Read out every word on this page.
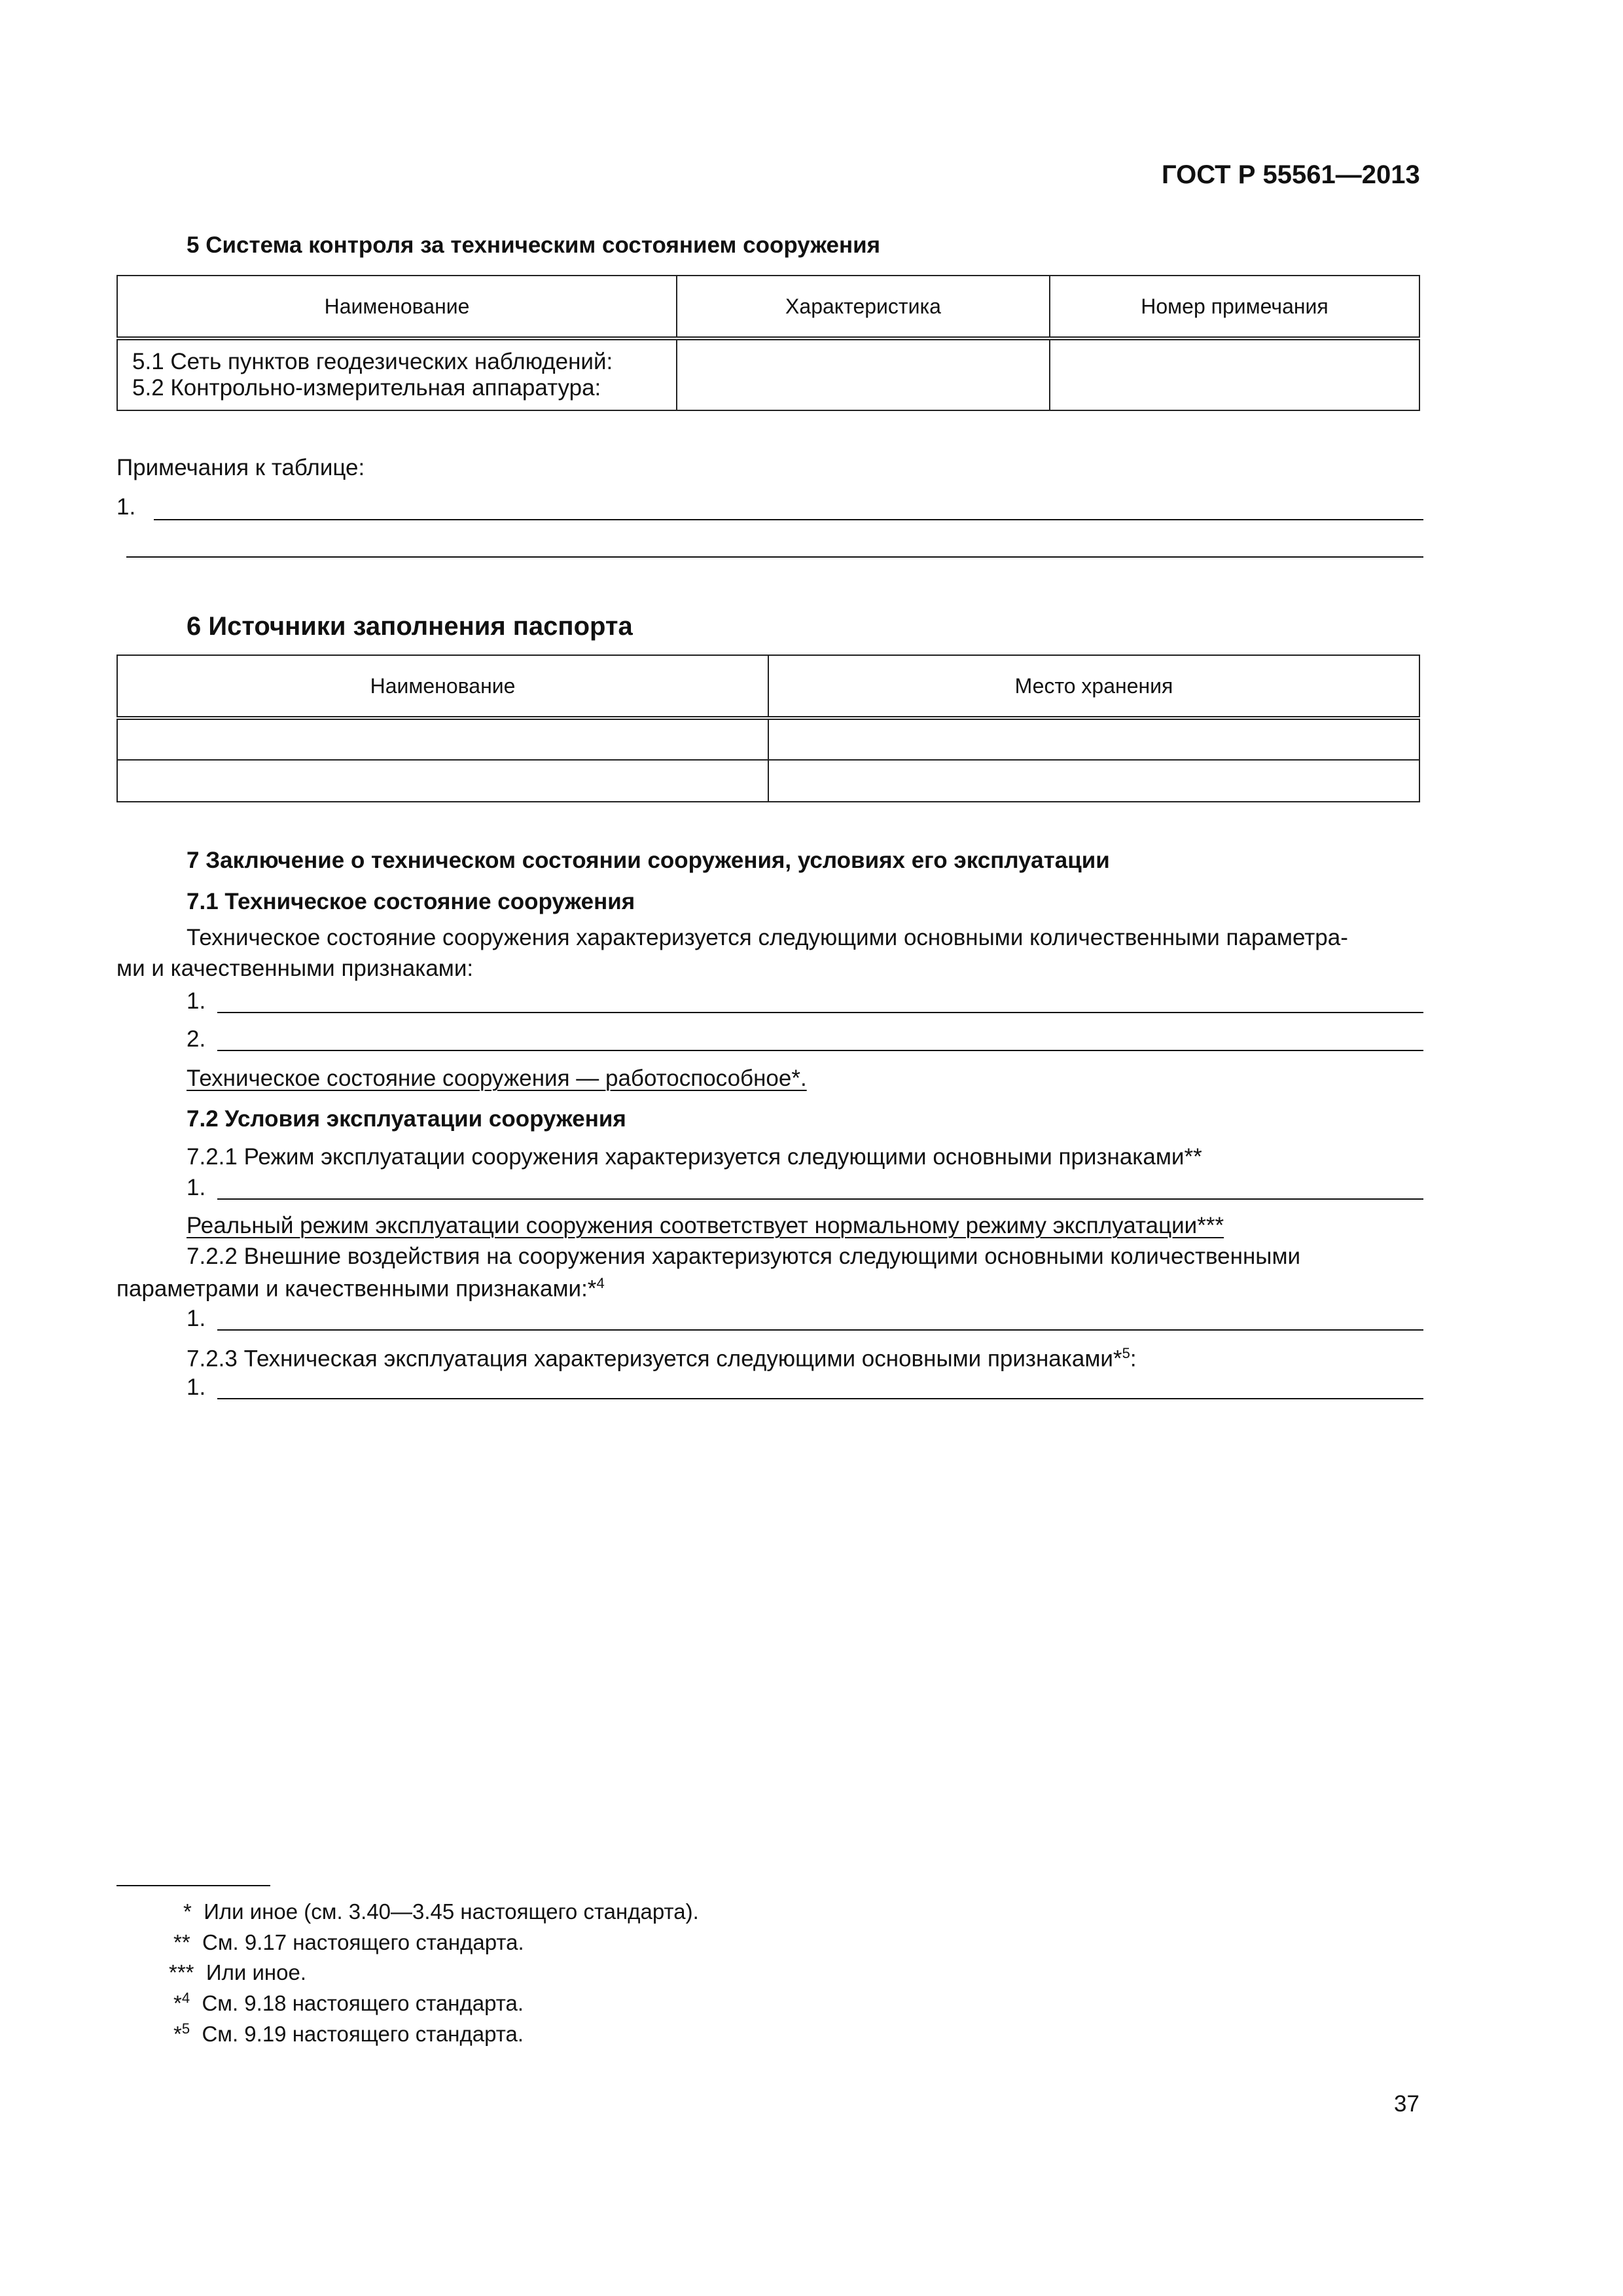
ГОСТ Р 55561—2013
5 Система контроля за техническим состоянием сооружения
Наименование	Характеристика	Номер примечания

5.1 Сеть пунктов геодезических наблюдений:
5.2 Контрольно-измерительная аппаратура:		

Примечания к таблице:
1.
6 Источники заполнения паспорта
Наименование	Место хранения

7 Заключение о техническом состоянии сооружения, условиях его эксплуатации
7.1 Техническое состояние сооружения
Техническое состояние сооружения характеризуется следующими основными количественными параметра-
ми и качественными признаками:
1.
2.
Техническое состояние сооружения — работоспособное*.
7.2 Условия эксплуатации сооружения
7.2.1 Режим эксплуатации сооружения характеризуется следующими основными признаками**
1.
Реальный режим эксплуатации сооружения соответствует нормальному режиму эксплуатации***
7.2.2 Внешние воздействия на сооружения характеризуются следующими основными количественными
параметрами и качественными признаками:*$^4$
1.
7.2.3 Техническая эксплуатация характеризуется следующими основными признаками*$^5$:
1.
* Или иное (см. 3.40—3.45 настоящего стандарта).
** См. 9.17 настоящего стандарта.
*** Или иное.
*$^4$ См. 9.18 настоящего стандарта.
*$^5$ См. 9.19 настоящего стандарта.
37
